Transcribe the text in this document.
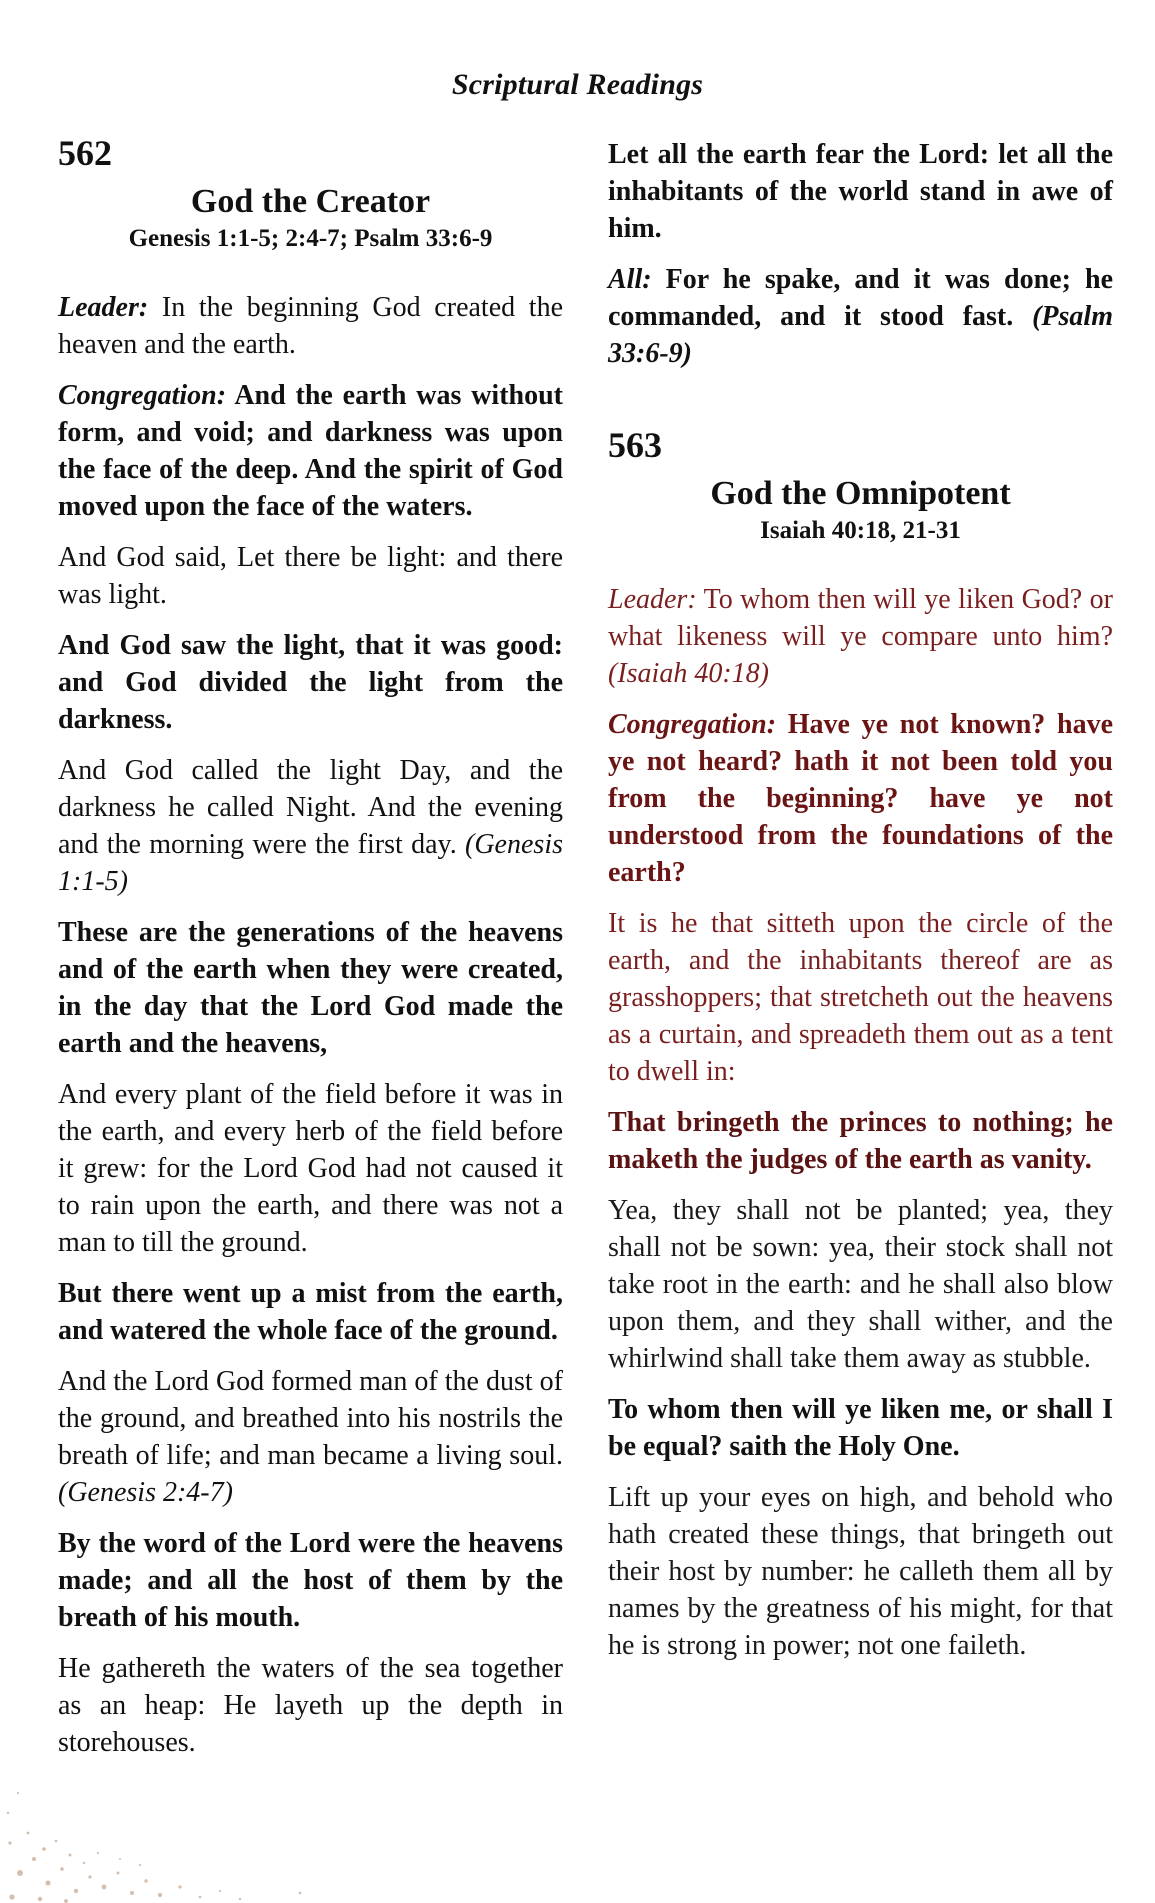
Scriptural Readings
562
God the Creator
Genesis 1:1-5; 2:4-7; Psalm 33:6-9

Leader: In the beginning God created the heaven and the earth.

Congregation: And the earth was without form, and void; and darkness was upon the face of the deep. And the spirit of God moved upon the face of the waters.

And God said, Let there be light: and there was light.

And God saw the light, that it was good: and God divided the light from the darkness.

And God called the light Day, and the darkness he called Night. And the evening and the morning were the first day. (Genesis 1:1-5)

These are the generations of the heavens and of the earth when they were created, in the day that the Lord God made the earth and the heavens,

And every plant of the field before it was in the earth, and every herb of the field before it grew: for the Lord God had not caused it to rain upon the earth, and there was not a man to till the ground.

But there went up a mist from the earth, and watered the whole face of the ground.

And the Lord God formed man of the dust of the ground, and breathed into his nostrils the breath of life; and man became a living soul. (Genesis 2:4-7)

By the word of the Lord were the heavens made; and all the host of them by the breath of his mouth.

He gathereth the waters of the sea together as an heap: He layeth up the depth in storehouses.

Let all the earth fear the Lord: let all the inhabitants of the world stand in awe of him.

All: For he spake, and it was done; he commanded, and it stood fast. (Psalm 33:6-9)

563
God the Omnipotent
Isaiah 40:18, 21-31

Leader: To whom then will ye liken God? or what likeness will ye compare unto him? (Isaiah 40:18)

Congregation: Have ye not known? have ye not heard? hath it not been told you from the beginning? have ye not understood from the foundations of the earth?

It is he that sitteth upon the circle of the earth, and the inhabitants thereof are as grasshoppers; that stretcheth out the heavens as a curtain, and spreadeth them out as a tent to dwell in:

That bringeth the princes to nothing; he maketh the judges of the earth as vanity.

Yea, they shall not be planted; yea, they shall not be sown: yea, their stock shall not take root in the earth: and he shall also blow upon them, and they shall wither, and the whirlwind shall take them away as stubble.

To whom then will ye liken me, or shall I be equal? saith the Holy One.

Lift up your eyes on high, and behold who hath created these things, that bringeth out their host by number: he calleth them all by names by the greatness of his might, for that he is strong in power; not one faileth.
